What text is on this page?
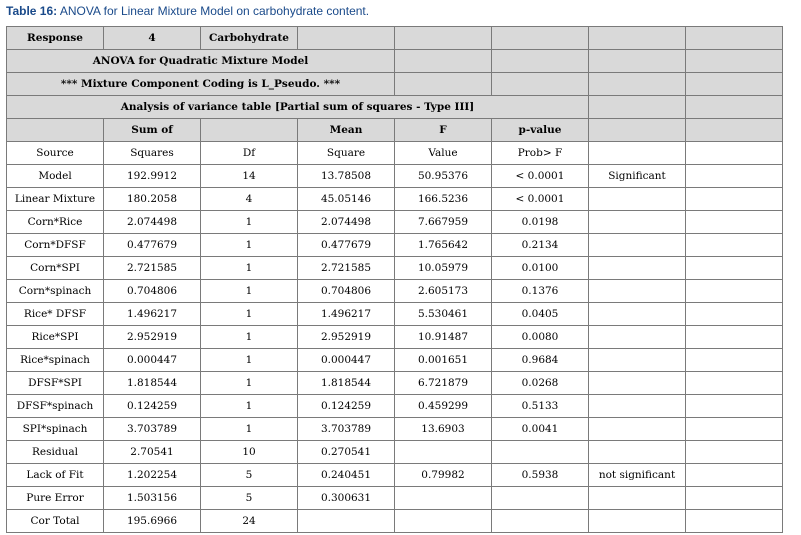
Table 16: ANOVA for Linear Mixture Model on carbohydrate content.
Response	4	Carbohydrate					
ANOVA for Quadratic Mixture Model							
*** Mixture Component Coding is L_Pseudo. ***							
Analysis of variance table [Partial sum of squares - Type III]							
	Sum of		Mean	F	p-value		
Source	Squares	Df	Square	Value	Prob> F		
Model	192.9912	14	13.78508	50.95376	< 0.0001	Significant	
Linear Mixture	180.2058	4	45.05146	166.5236	< 0.0001		
Corn*Rice	2.074498	1	2.074498	7.667959	0.0198		
Corn*DFSF	0.477679	1	0.477679	1.765642	0.2134		
Corn*SPI	2.721585	1	2.721585	10.05979	0.0100		
Corn*spinach	0.704806	1	0.704806	2.605173	0.1376		
Rice* DFSF	1.496217	1	1.496217	5.530461	0.0405		
Rice*SPI	2.952919	1	2.952919	10.91487	0.0080		
Rice*spinach	0.000447	1	0.000447	0.001651	0.9684		
DFSF*SPI	1.818544	1	1.818544	6.721879	0.0268		
DFSF*spinach	0.124259	1	0.124259	0.459299	0.5133		
SPI*spinach	3.703789	1	3.703789	13.6903	0.0041		
Residual	2.70541	10	0.270541				
Lack of Fit	1.202254	5	0.240451	0.79982	0.5938	not significant	
Pure Error	1.503156	5	0.300631				
Cor Total	195.6966	24					
